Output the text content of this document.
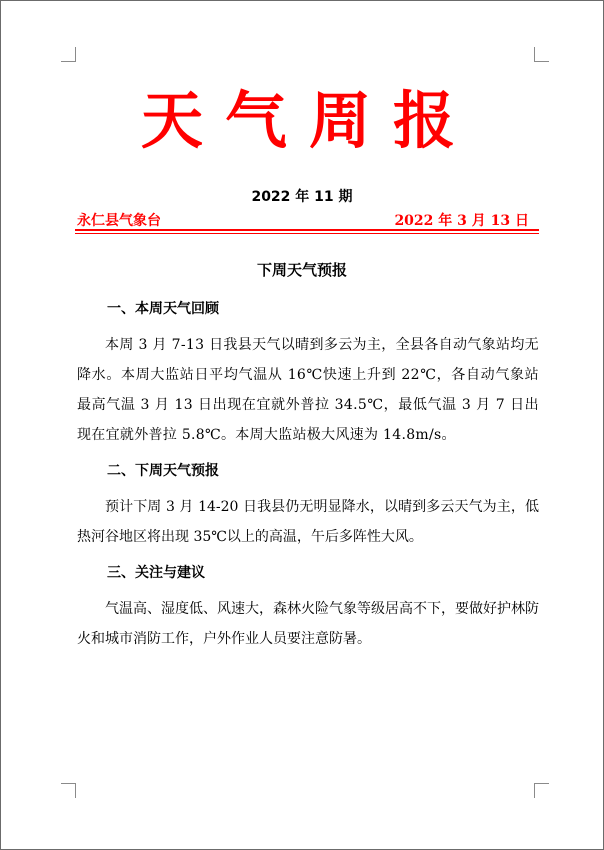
天气周报
2022 年 11 期
永仁县气象台	2022 年 3 月 13 日
下周天气预报
一、本周天气回顾
本周 3 月 7-13 日我县天气以晴到多云为主，全县各自动气象站均无降水。本周大监站日平均气温从 16℃快速上升到 22℃，各自动气象站最高气温 3 月 13 日出现在宜就外普拉 34.5℃，最低气温 3 月 7 日出现在宜就外普拉 5.8℃。本周大监站极大风速为 14.8m/s。
二、下周天气预报
预计下周 3 月 14-20 日我县仍无明显降水，以晴到多云天气为主，低热河谷地区将出现 35℃以上的高温，午后多阵性大风。
三、关注与建议
气温高、湿度低、风速大，森林火险气象等级居高不下，要做好护林防火和城市消防工作，户外作业人员要注意防暑。
